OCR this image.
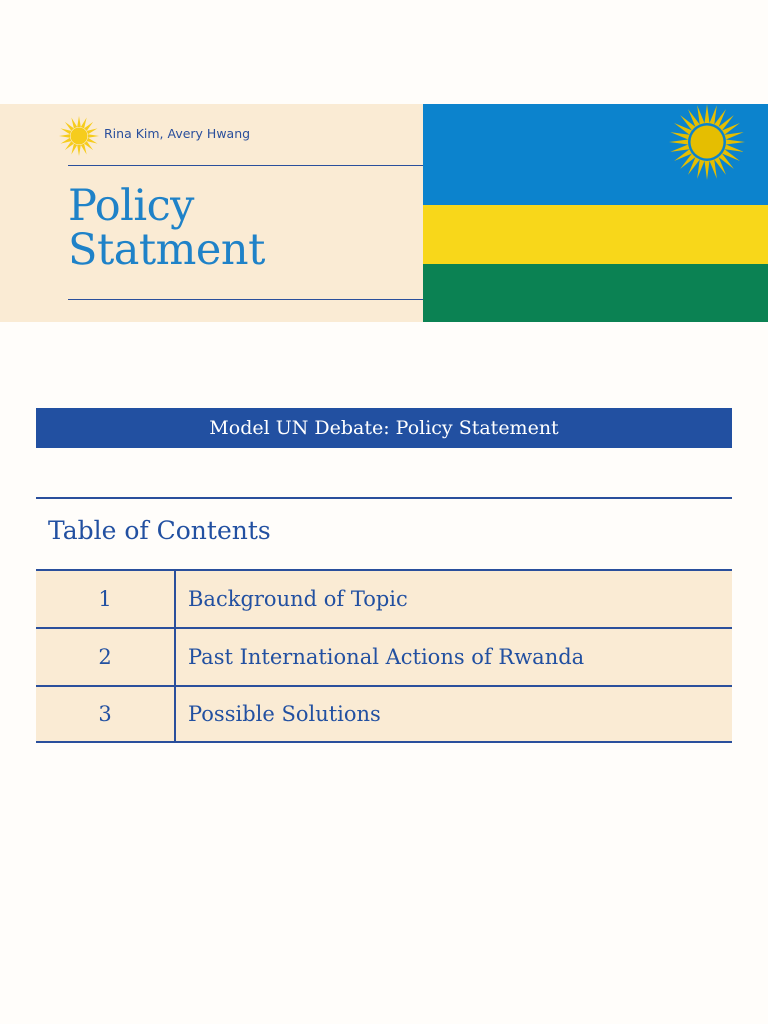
Rina Kim, Avery Hwang
Policy
Statment
Model UN Debate: Policy Statement
Table of Contents
1	Background of Topic
2	Past International Actions of Rwanda
3	Possible Solutions
